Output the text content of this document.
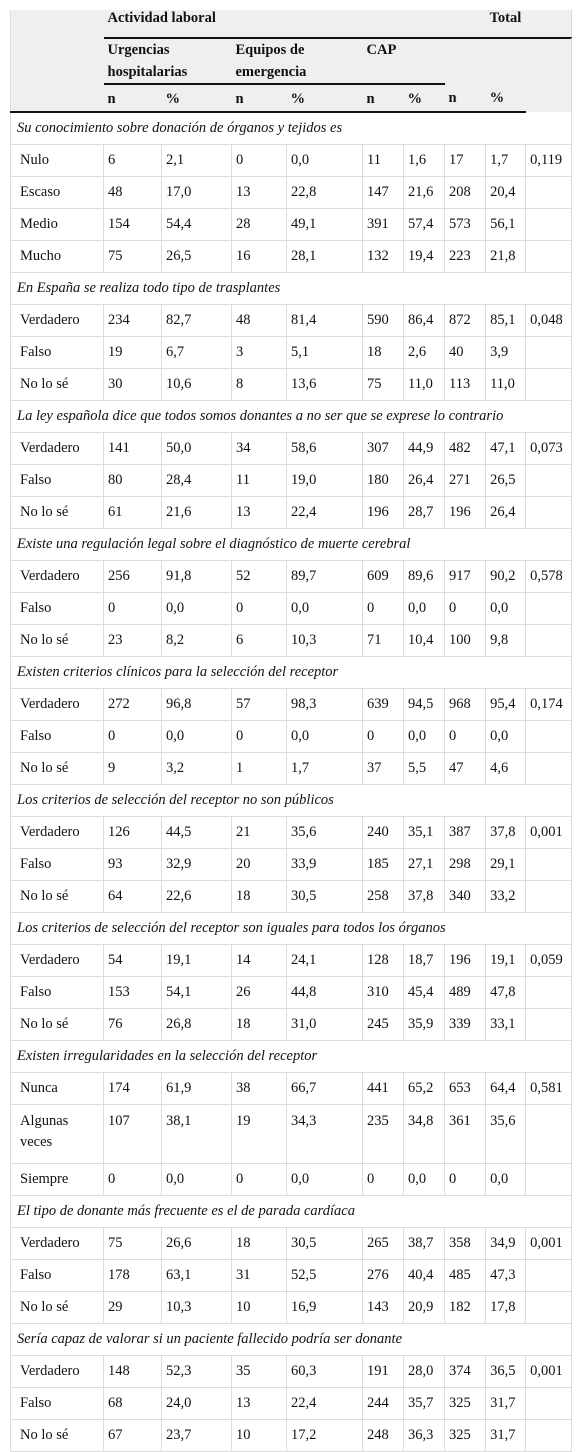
	Actividad laboral							Total	
	Urgencias hospitalarias		Equipos de emergencia		CAP					
	n	%	n	%	n	%	n	%		
Su conocimiento sobre donación de órganos y tejidos es										
Nulo	6	2,1	0	0,0	11	1,6	17	1,7	0,119	
Escaso	48	17,0	13	22,8	147	21,6	208	20,4		
Medio	154	54,4	28	49,1	391	57,4	573	56,1		
Mucho	75	26,5	16	28,1	132	19,4	223	21,8		
En España se realiza todo tipo de trasplantes										
Verdadero	234	82,7	48	81,4	590	86,4	872	85,1	0,048	
Falso	19	6,7	3	5,1	18	2,6	40	3,9		
No lo sé	30	10,6	8	13,6	75	11,0	113	11,0		
La ley española dice que todos somos donantes a no ser que se exprese lo contrario										
Verdadero	141	50,0	34	58,6	307	44,9	482	47,1	0,073	
Falso	80	28,4	11	19,0	180	26,4	271	26,5		
No lo sé	61	21,6	13	22,4	196	28,7	196	26,4		
Existe una regulación legal sobre el diagnóstico de muerte cerebral										
Verdadero	256	91,8	52	89,7	609	89,6	917	90,2	0,578	
Falso	0	0,0	0	0,0	0	0,0	0	0,0		
No lo sé	23	8,2	6	10,3	71	10,4	100	9,8		
Existen criterios clínicos para la selección del receptor										
Verdadero	272	96,8	57	98,3	639	94,5	968	95,4	0,174	
Falso	0	0,0	0	0,0	0	0,0	0	0,0		
No lo sé	9	3,2	1	1,7	37	5,5	47	4,6		
Los criterios de selección del receptor no son públicos										
Verdadero	126	44,5	21	35,6	240	35,1	387	37,8	0,001	
Falso	93	32,9	20	33,9	185	27,1	298	29,1		
No lo sé	64	22,6	18	30,5	258	37,8	340	33,2		
Los criterios de selección del receptor son iguales para todos los órganos										
Verdadero	54	19,1	14	24,1	128	18,7	196	19,1	0,059	
Falso	153	54,1	26	44,8	310	45,4	489	47,8		
No lo sé	76	26,8	18	31,0	245	35,9	339	33,1		
Existen irregularidades en la selección del receptor										
Nunca	174	61,9	38	66,7	441	65,2	653	64,4	0,581	
Algunas veces	107	38,1	19	34,3	235	34,8	361	35,6		
Siempre	0	0,0	0	0,0	0	0,0	0	0,0		
El tipo de donante más frecuente es el de parada cardíaca										
Verdadero	75	26,6	18	30,5	265	38,7	358	34,9	0,001	
Falso	178	63,1	31	52,5	276	40,4	485	47,3		
No lo sé	29	10,3	10	16,9	143	20,9	182	17,8		
Sería capaz de valorar si un paciente fallecido podría ser donante										
Verdadero	148	52,3	35	60,3	191	28,0	374	36,5	0,001	
Falso	68	24,0	13	22,4	244	35,7	325	31,7		
No lo sé	67	23,7	10	17,2	248	36,3	325	31,7		
